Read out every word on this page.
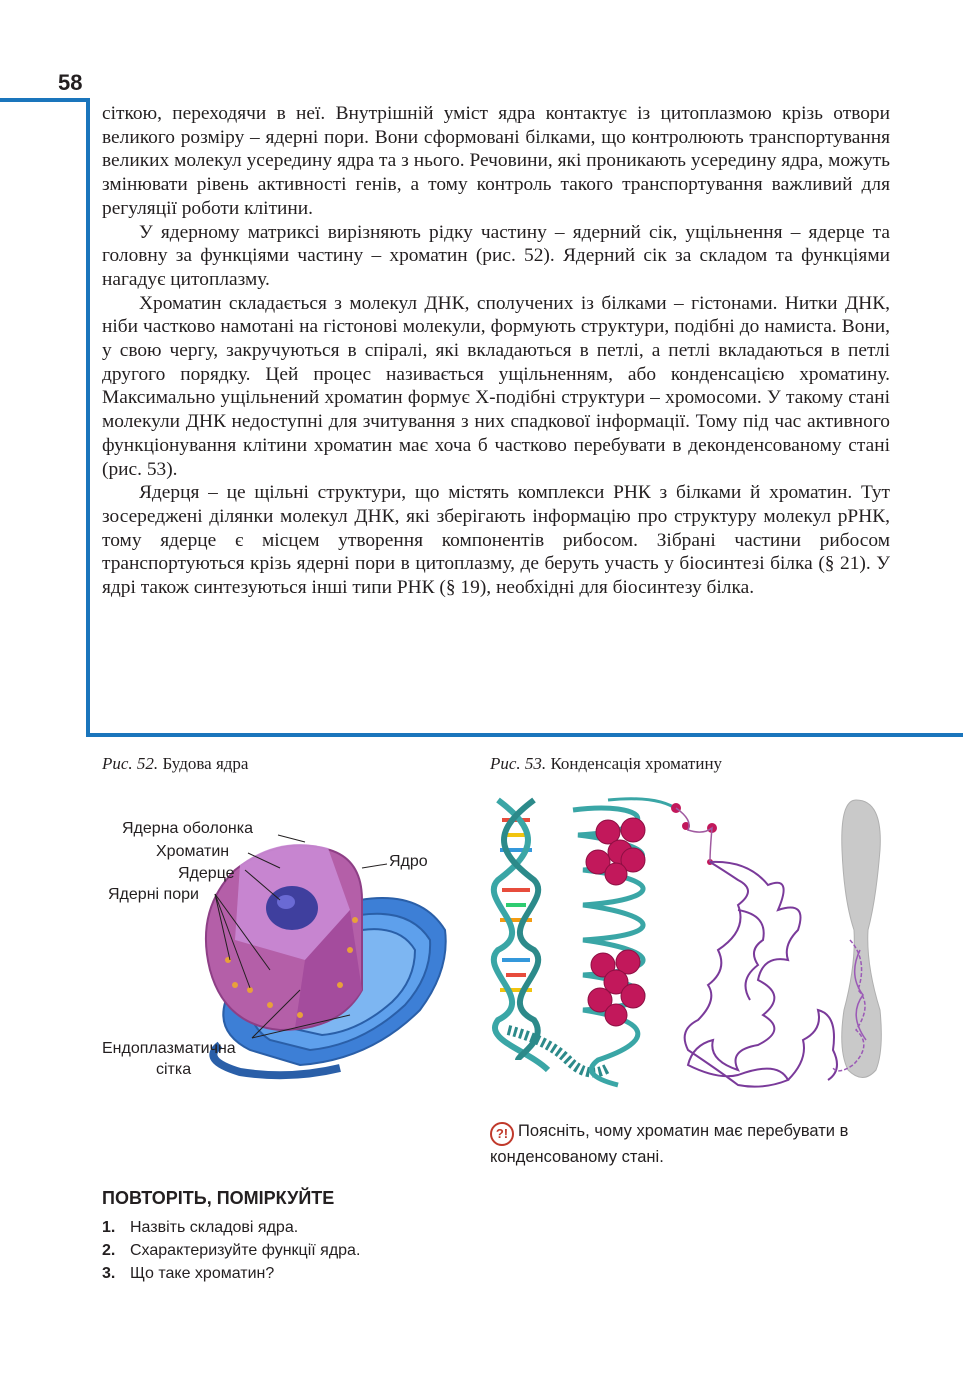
58

сіткою, переходячи в неї. Внутрішній уміст ядра контактує із цитоплазмою крізь отвори великого розміру – ядерні пори. Вони сформовані білками, що контролюють транспортування великих молекул усередину ядра та з нього. Речовини, які проникають усередину ядра, можуть змінювати рівень активності генів, а тому контроль такого транспортування важливий для регуляції роботи клітини.

У ядерному матриксі вирізняють рідку частину – ядерний сік, ущільнення – ядерце та головну за функціями частину – хроматин (рис. 52). Ядерний сік за складом та функціями нагадує цитоплазму.

Хроматин складається з молекул ДНК, сполучених із білками – гістонами. Нитки ДНК, ніби частково намотані на гістонові молекули, формують структури, подібні до намиста. Вони, у свою чергу, закручуються в спіралі, які вкладаються в петлі, а петлі вкладаються в петлі другого порядку. Цей процес називається ущільненням, або конденсацією хроматину. Максимально ущільнений хроматин формує Х-подібні структури – хромосоми. У такому стані молекули ДНК недоступні для зчитування з них спадкової інформації. Тому під час активного функціонування клітини хроматин має хоча б частково перебувати в деконденсованому стані (рис. 53).

Ядерця – це щільні структури, що містять комплекси РНК з білками й хроматин. Тут зосереджені ділянки молекул ДНК, які зберігають інформацію про структуру молекул рРНК, тому ядерце є місцем утворення компонентів рибосом. Зібрані частини рибосом транспортуються крізь ядерні пори в цитоплазму, де беруть участь у біосинтезі білка (§ 21). У ядрі також синтезуються інші типи РНК (§ 19), необхідні для біосинтезу білка.

Рис. 52. Будова ядра	Рис. 53. Конденсація хроматину
Ядерна оболонка
Хроматин
Ядерце
Ядерні пори
Ядро
Ендоплазматична
сітка
?! Поясніть, чому хроматин має перебувати в конденсованому стані.
ПОВТОРІТЬ, ПОМІРКУЙТЕ
1. Назвіть складові ядра.
2. Схарактеризуйте функції ядра.
3. Що таке хроматин?
